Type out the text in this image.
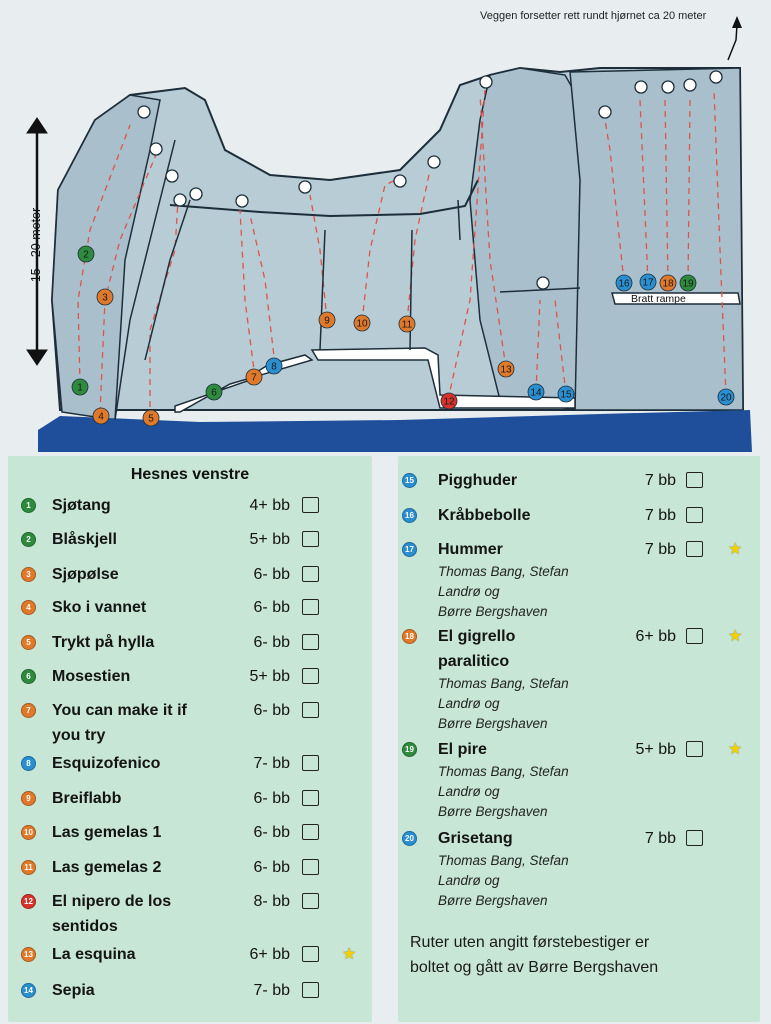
15 - 20 meter
Veggen forsetter rett rundt hjørnet ca 20 meter
Bratt rampe
1
2
3
4	5
6
7
8
9	10	11
12
13
14 15
16 17 18 19
20
Hesnes venstre
1	Sjøtang	4+ bb
2	Blåskjell	5+ bb
3	Sjøpølse	6- bb
4	Sko i vannet	6- bb
5	Trykt på hylla	6- bb
6	Mosestien	5+ bb
7	You can make it if
you try
6- bb
8	Esquizofenico	7- bb
9	Breiflabb	6- bb
10 Las gemelas 1	6- bb
11 Las gemelas 2	6- bb
12 El nipero de los
sentidos
8- bb
13 La esquina	6+ bb	★
14 Sepia	7- bb
15 Pigghuder	7 bb
16 Kråbbebolle	7 bb
17 Hummer	7 bb	★
Thomas Bang, Stefan
Landrø og
Børre Bergshaven
18 El gigrello
paralitico
6+ bb	★
Thomas Bang, Stefan
Landrø og
Børre Bergshaven
19 El pire	5+ bb	★
Thomas Bang, Stefan
Landrø og
Børre Bergshaven
20 Grisetang	7 bb
Thomas Bang, Stefan
Landrø og
Børre Bergshaven
Ruter uten angitt førstebestiger er
boltet og gått av Børre Bergshaven
